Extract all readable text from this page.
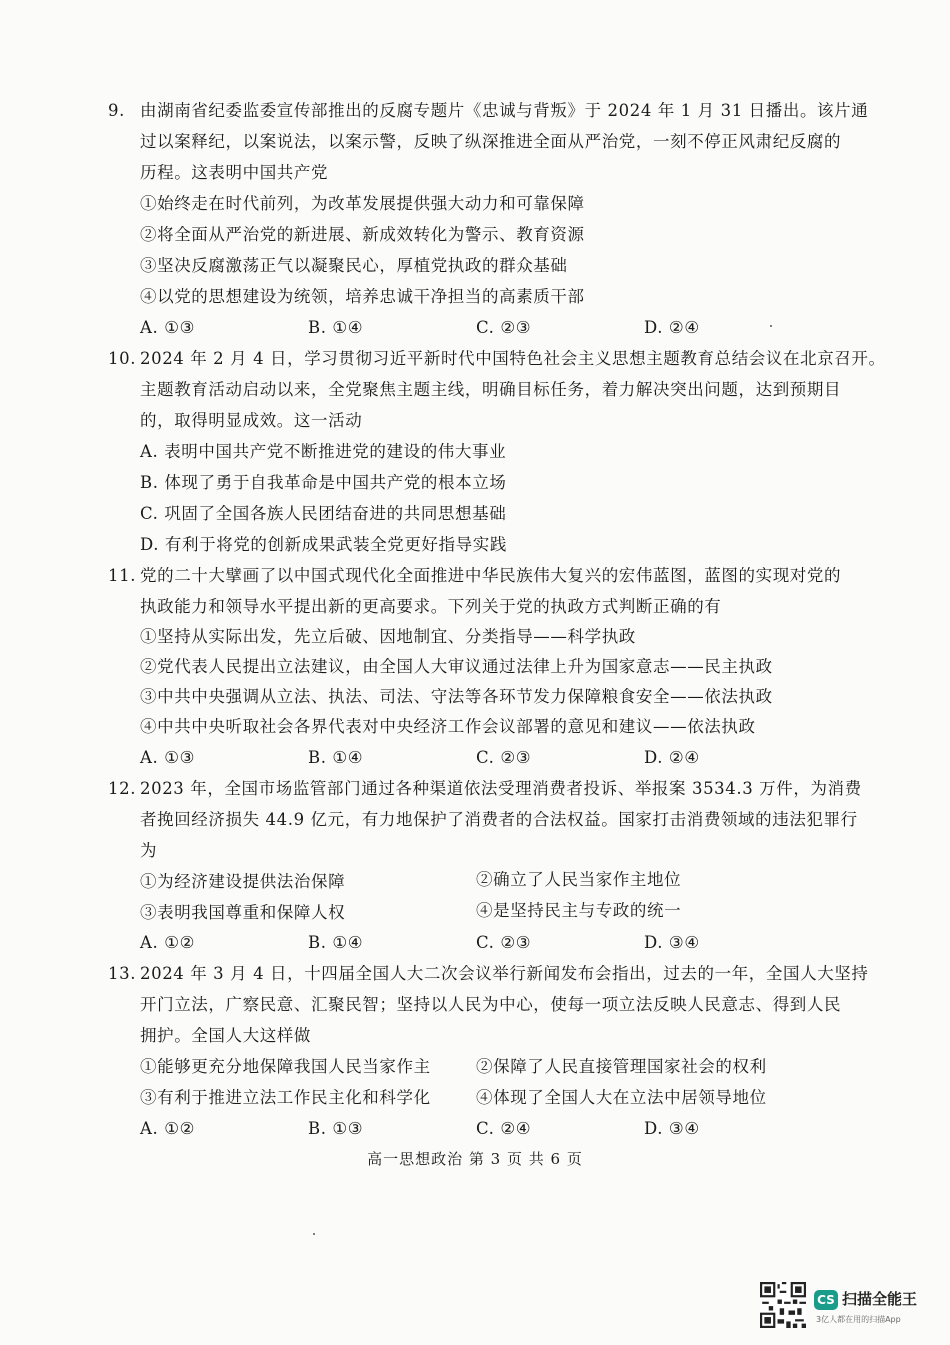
9. 由湖南省纪委监委宣传部推出的反腐专题片《忠诚与背叛》于 2024 年 1 月 31 日播出。该片通
过以案释纪，以案说法，以案示警，反映了纵深推进全面从严治党，一刻不停正风肃纪反腐的
历程。这表明中国共产党
①始终走在时代前列，为改革发展提供强大动力和可靠保障
②将全面从严治党的新进展、新成效转化为警示、教育资源
③坚决反腐激荡正气以凝聚民心，厚植党执政的群众基础
④以党的思想建设为统领，培养忠诚干净担当的高素质干部
A. ①③	B. ①④	C. ②③	D. ②④
10. 2024 年 2 月 4 日，学习贯彻习近平新时代中国特色社会主义思想主题教育总结会议在北京召开。
主题教育活动启动以来，全党聚焦主题主线，明确目标任务，着力解决突出问题，达到预期目
的，取得明显成效。这一活动
A. 表明中国共产党不断推进党的建设的伟大事业
B. 体现了勇于自我革命是中国共产党的根本立场
C. 巩固了全国各族人民团结奋进的共同思想基础
D. 有利于将党的创新成果武装全党更好指导实践
11. 党的二十大擘画了以中国式现代化全面推进中华民族伟大复兴的宏伟蓝图，蓝图的实现对党的
执政能力和领导水平提出新的更高要求。下列关于党的执政方式判断正确的有
①坚持从实际出发，先立后破、因地制宜、分类指导——科学执政
②党代表人民提出立法建议，由全国人大审议通过法律上升为国家意志——民主执政
③中共中央强调从立法、执法、司法、守法等各环节发力保障粮食安全——依法执政
④中共中央听取社会各界代表对中央经济工作会议部署的意见和建议——依法执政
A. ①③	B. ①④	C. ②③	D. ②④
12. 2023 年，全国市场监管部门通过各种渠道依法受理消费者投诉、举报案 3534.3 万件，为消费
者挽回经济损失 44.9 亿元，有力地保护了消费者的合法权益。国家打击消费领域的违法犯罪行
为
①为经济建设提供法治保障	②确立了人民当家作主地位
③表明我国尊重和保障人权	④是坚持民主与专政的统一
A. ①②	B. ①④	C. ②③	D. ③④
13. 2024 年 3 月 4 日，十四届全国人大二次会议举行新闻发布会指出，过去的一年，全国人大坚持
开门立法，广察民意、汇聚民智；坚持以人民为中心，使每一项立法反映人民意志、得到人民
拥护。全国人大这样做
①能够更充分地保障我国人民当家作主	②保障了人民直接管理国家社会的权利
③有利于推进立法工作民主化和科学化	④体现了全国人大在立法中居领导地位
A. ①②	B. ①③	C. ②④	D. ③④
高一思想政治 第 3 页 共 6 页
CS 扫描全能王
3亿人都在用的扫描App
